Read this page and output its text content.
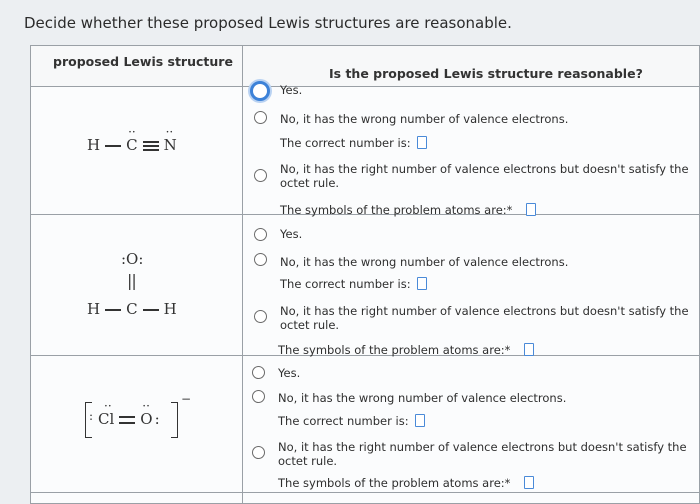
Decide whether these proposed Lewis structures are reasonable.
proposed Lewis structure
Is the proposed Lewis structure reasonable?
H
··
C
··
N
:O:
||
H C H
:
··
Cl
··
O :
−
Yes.
No, it has the wrong number of valence electrons.
The correct number is:
No, it has the right number of valence electrons but doesn't satisfy the
octet rule.
The symbols of the problem atoms are:*
Yes.
No, it has the wrong number of valence electrons.
The correct number is:
No, it has the right number of valence electrons but doesn't satisfy the
octet rule.
The symbols of the problem atoms are:*
Yes.
No, it has the wrong number of valence electrons.
The correct number is:
No, it has the right number of valence electrons but doesn't satisfy the
octet rule.
The symbols of the problem atoms are:*
